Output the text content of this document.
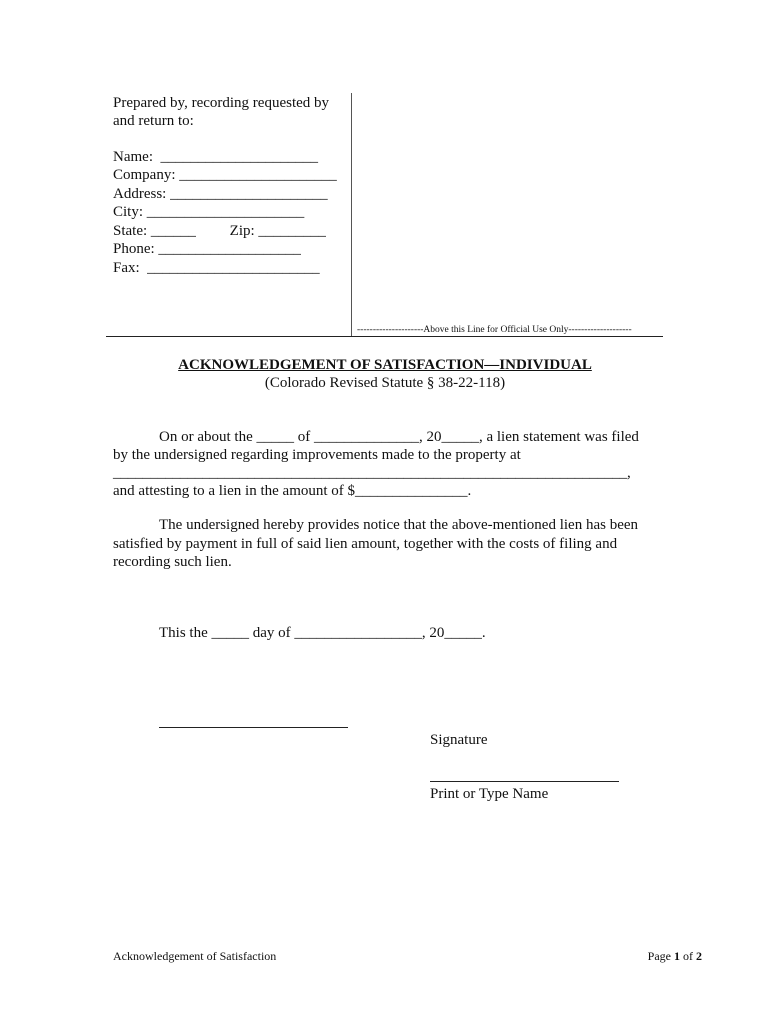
Prepared by, recording requested by
and return to:
Name:  _____________________
Company: _____________________
Address: _____________________
City: _____________________
State: ______         Zip: _________
Phone: ___________________
Fax:  _______________________
---------------------Above this Line for Official Use Only--------------------
ACKNOWLEDGEMENT OF SATISFACTION—INDIVIDUAL
(Colorado Revised Statute § 38-22-118)
On or about the _____ of ______________, 20_____, a lien statement was filed
by the undersigned regarding improvements made to the property at
_____________________________________________________________________,
and attesting to a lien in the amount of $_______________.
The undersigned hereby provides notice that the above-mentioned lien has been
satisfied by payment in full of said lien amount, together with the costs of filing and
recording such lien.
This the _____ day of _________________, 20_____.
Signature
Print or Type Name
Acknowledgement of Satisfaction	Page 1 of 2
